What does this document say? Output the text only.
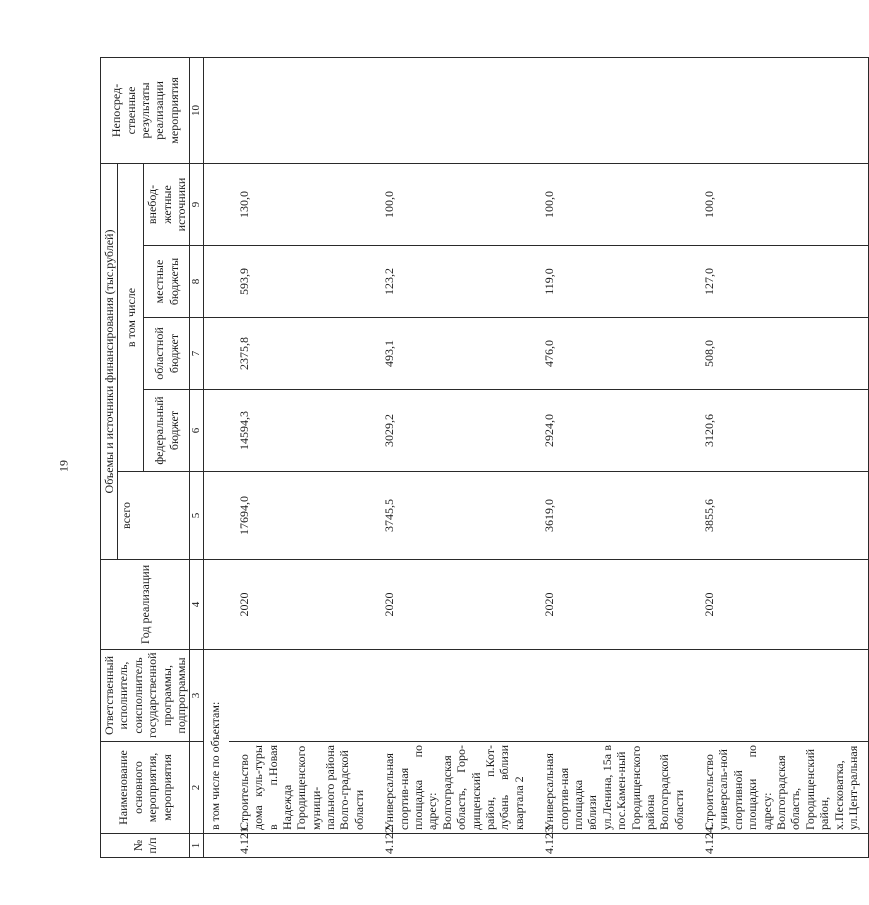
19
№ п/п	Наименование основного мероприятия, мероприятия	Ответственный исполнитель, соисполнитель государственной программы, подпрограммы	Год реализации	Объемы и источники финансирования (тыс.рублей)					Непосред-ственные результаты реализации мероприятия
				всего	в том числе				
					федеральный бюджет	областной бюджет	местные бюджеты	внебод-жетные источники	
1	2	3	4	5	6	7	8	9	10
	в том числе по объектам:								
4.121.	Строительство дома куль-туры в п.Новая Надежда Городищенского муници-пального района Волго-градской области		2020	17694,0	14594,3	2375,8	593,9	130,0	
4.122.	Универсальная спортив-ная площадка по адресу: Волгоградская область, Горо-дищенский район, п.Кот-лубань вблизи квартала 2		2020	3745,5	3029,2	493,1	123,2	100,0	
4.123.	Универсальная спортив-ная площадка вблизи ул.Ленина, 15а в пос.Камен-ный Городищенского района Волгоградской области		2020	3619,0	2924,0	476,0	119,0	100,0	
4.124.	Строительство универсаль-ной спортивной площадки по адресу: Волгоградская область, Городищенский район, х.Песковатка, ул.Цент-ральная		2020	3855,6	3120,6	508,0	127,0	100,0	
